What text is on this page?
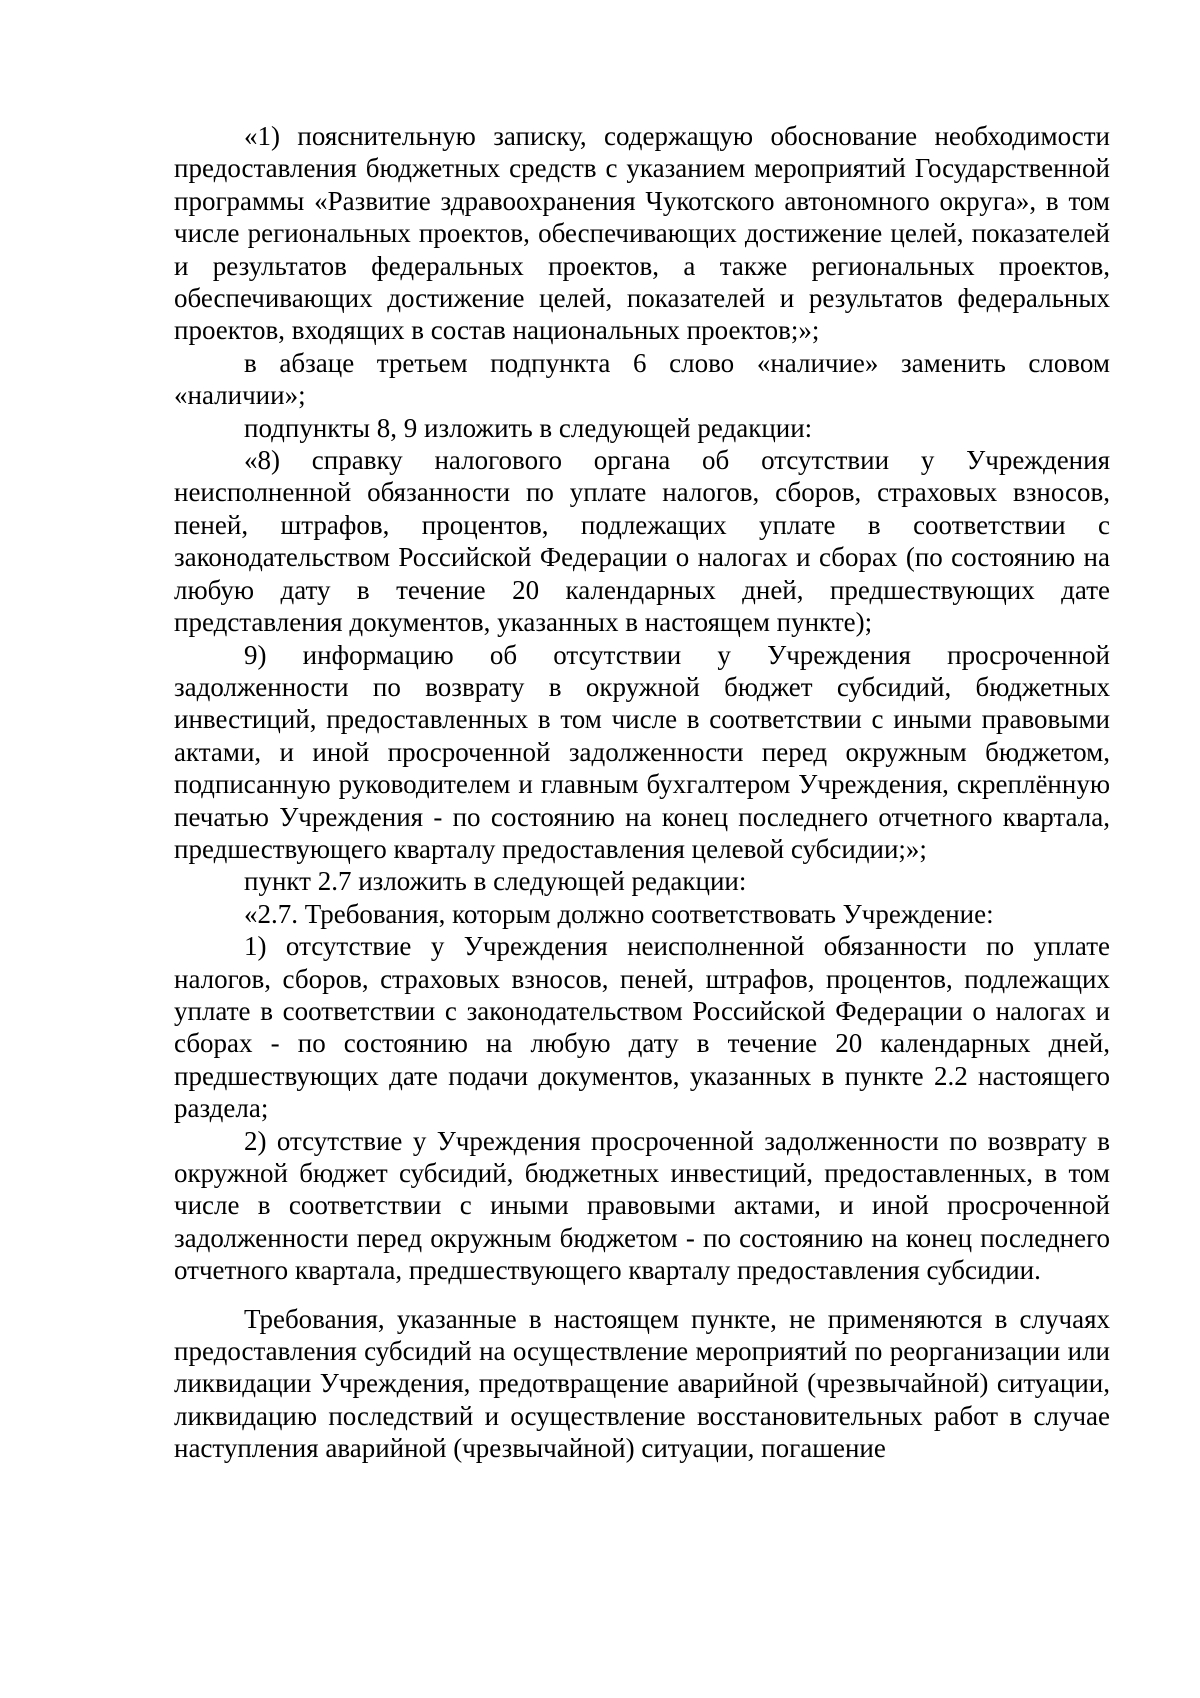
«1) пояснительную записку, содержащую обоснование необходимости предоставления бюджетных средств с указанием мероприятий Государственной программы «Развитие здравоохранения Чукотского автономного округа», в том числе региональных проектов, обеспечивающих достижение целей, показателей и результатов федеральных проектов, а также региональных проектов, обеспечивающих достижение целей, показателей и результатов федеральных проектов, входящих в состав национальных проектов;»;

в абзаце третьем подпункта 6 слово «наличие» заменить словом «наличии»;

подпункты 8, 9 изложить в следующей редакции:

«8) справку налогового органа об отсутствии у Учреждения неисполненной обязанности по уплате налогов, сборов, страховых взносов, пеней, штрафов, процентов, подлежащих уплате в соответствии с законодательством Российской Федерации о налогах и сборах (по состоянию на любую дату в течение 20 календарных дней, предшествующих дате представления документов, указанных в настоящем пункте);

9) информацию об отсутствии у Учреждения просроченной задолженности по возврату в окружной бюджет субсидий, бюджетных инвестиций, предоставленных в том числе в соответствии с иными правовыми актами, и иной просроченной задолженности перед окружным бюджетом, подписанную руководителем и главным бухгалтером Учреждения, скреплённую печатью Учреждения - по состоянию на конец последнего отчетного квартала, предшествующего кварталу предоставления целевой субсидии;»;

пункт 2.7 изложить в следующей редакции:

«2.7. Требования, которым должно соответствовать Учреждение:

1) отсутствие у Учреждения неисполненной обязанности по уплате налогов, сборов, страховых взносов, пеней, штрафов, процентов, подлежащих уплате в соответствии с законодательством Российской Федерации о налогах и сборах - по состоянию на любую дату в течение 20 календарных дней, предшествующих дате подачи документов, указанных в пункте 2.2 настоящего раздела;

2) отсутствие у Учреждения просроченной задолженности по возврату в окружной бюджет субсидий, бюджетных инвестиций, предоставленных, в том числе в соответствии с иными правовыми актами, и иной просроченной задолженности перед окружным бюджетом - по состоянию на конец последнего отчетного квартала, предшествующего кварталу предоставления субсидии.

Требования, указанные в настоящем пункте, не применяются в случаях предоставления субсидий на осуществление мероприятий по реорганизации или ликвидации Учреждения, предотвращение аварийной (чрезвычайной) ситуации, ликвидацию последствий и осуществление восстановительных работ в случае наступления аварийной (чрезвычайной) ситуации, погашение
